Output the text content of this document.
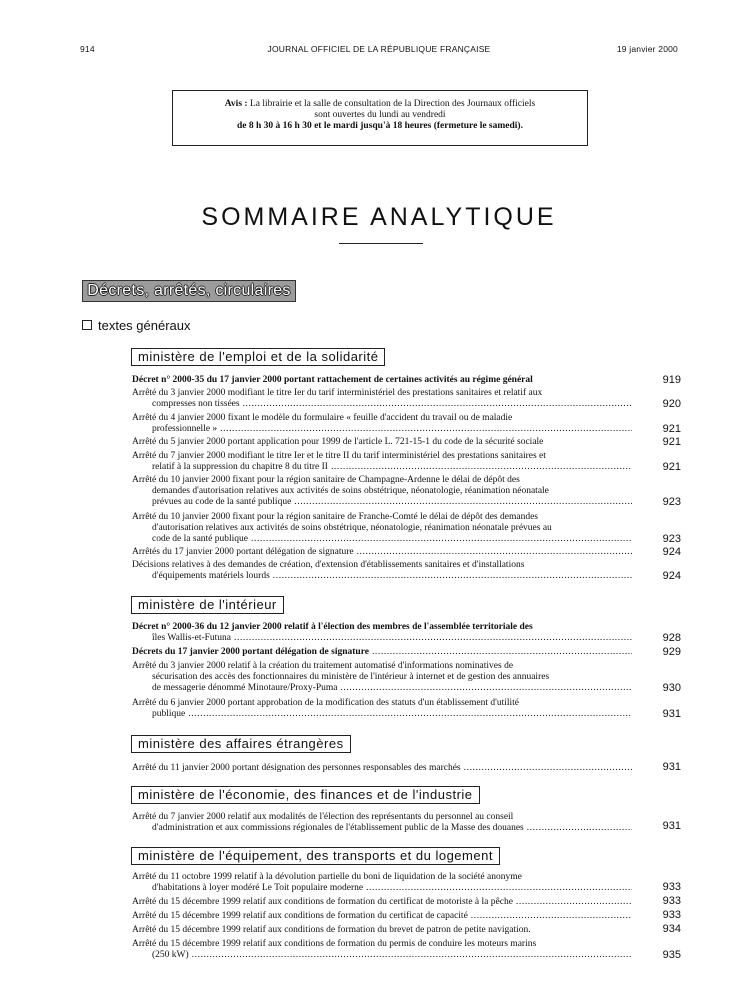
914	JOURNAL OFFICIEL DE LA RÉPUBLIQUE FRANÇAISE	19 janvier 2000
Avis : La librairie et la salle de consultation de la Direction des Journaux officiels
sont ouvertes du lundi au vendredi
de 8 h 30 à 16 h 30 et le mardi jusqu'à 18 heures (fermeture le samedi).
SOMMAIRE ANALYTIQUE
Décrets, arrêtés, circulaires
textes généraux
ministère de l'emploi et de la solidarité
Décret n° 2000-35 du 17 janvier 2000 portant rattachement de certaines activités au régime général	919
Arrêté du 3 janvier 2000 modifiant le titre Ier du tarif interministériel des prestations sanitaires et relatif aux
compresses non tissées .....	920
Arrêté du 4 janvier 2000 fixant le modèle du formulaire « feuille d'accident du travail ou de maladie
professionnelle » .....	921
Arrêté du 5 janvier 2000 portant application pour 1999 de l'article L. 721-15-1 du code de la sécurité sociale	921
Arrêté du 7 janvier 2000 modifiant le titre Ier et le titre II du tarif interministériel des prestations sanitaires et
relatif à la suppression du chapitre 8 du titre II .....	921
Arrêté du 10 janvier 2000 fixant pour la région sanitaire de Champagne-Ardenne le délai de dépôt des
demandes d'autorisation relatives aux activités de soins obstétrique, néonatologie, réanimation néonatale
prévues au code de la santé publique .....	923
Arrêté du 10 janvier 2000 fixant pour la région sanitaire de Franche-Comté le délai de dépôt des demandes
d'autorisation relatives aux activités de soins obstétrique, néonatologie, réanimation néonatale prévues au
code de la santé publique .....	923
Arrêtés du 17 janvier 2000 portant délégation de signature .....	924
Décisions relatives à des demandes de création, d'extension d'établissements sanitaires et d'installations
d'équipements matériels lourds .....	924
ministère de l'intérieur
Décret n° 2000-36 du 12 janvier 2000 relatif à l'élection des membres de l'assemblée territoriale des
îles Wallis-et-Futuna .....	928
Décrets du 17 janvier 2000 portant délégation de signature .....	929
Arrêté du 3 janvier 2000 relatif à la création du traitement automatisé d'informations nominatives de
sécurisation des accès des fonctionnaires du ministère de l'intérieur à internet et de gestion des annuaires
de messagerie dénommé Minotaure/Proxy-Puma .....	930
Arrêté du 6 janvier 2000 portant approbation de la modification des statuts d'un établissement d'utilité
publique .....	931
ministère des affaires étrangères
Arrêté du 11 janvier 2000 portant désignation des personnes responsables des marchés .....	931
ministère de l'économie, des finances et de l'industrie
Arrêté du 7 janvier 2000 relatif aux modalités de l'élection des représentants du personnel au conseil
d'administration et aux commissions régionales de l'établissement public de la Masse des douanes .....	931
ministère de l'équipement, des transports et du logement
Arrêté du 11 octobre 1999 relatif à la dévolution partielle du boni de liquidation de la société anonyme
d'habitations à loyer modéré Le Toit populaire moderne .....	933
Arrêté du 15 décembre 1999 relatif aux conditions de formation du certificat de motoriste à la pêche .....	933
Arrêté du 15 décembre 1999 relatif aux conditions de formation du certificat de capacité .....	933
Arrêté du 15 décembre 1999 relatif aux conditions de formation du brevet de patron de petite navigation.	934
Arrêté du 15 décembre 1999 relatif aux conditions de formation du permis de conduire les moteurs marins
(250 kW) .....	935
